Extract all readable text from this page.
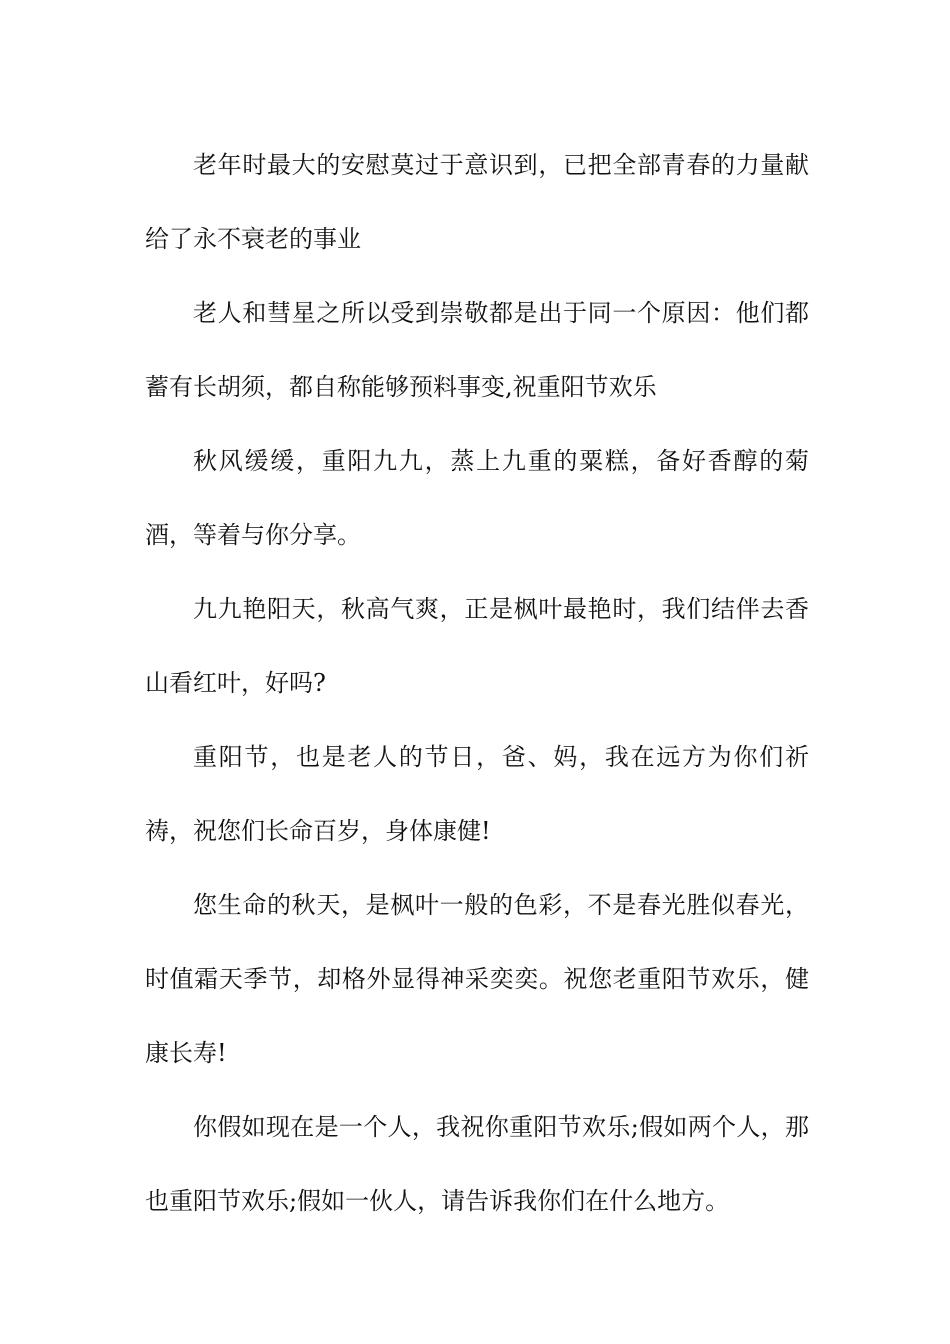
老年时最大的安慰莫过于意识到，已把全部青春的力量献给了永不衰老的事业

老人和彗星之所以受到崇敬都是出于同一个原因：他们都蓄有长胡须，都自称能够预料事变,祝重阳节欢乐

秋风缓缓，重阳九九，蒸上九重的粟糕，备好香醇的菊酒，等着与你分享。

九九艳阳天，秋高气爽，正是枫叶最艳时，我们结伴去香山看红叶，好吗?

重阳节，也是老人的节日，爸、妈，我在远方为你们祈祷，祝您们长命百岁，身体康健!

您生命的秋天，是枫叶一般的色彩，不是春光胜似春光，时值霜天季节，却格外显得神采奕奕。祝您老重阳节欢乐，健康长寿!

你假如现在是一个人，我祝你重阳节欢乐;假如两个人，那也重阳节欢乐;假如一伙人，请告诉我你们在什么地方。
